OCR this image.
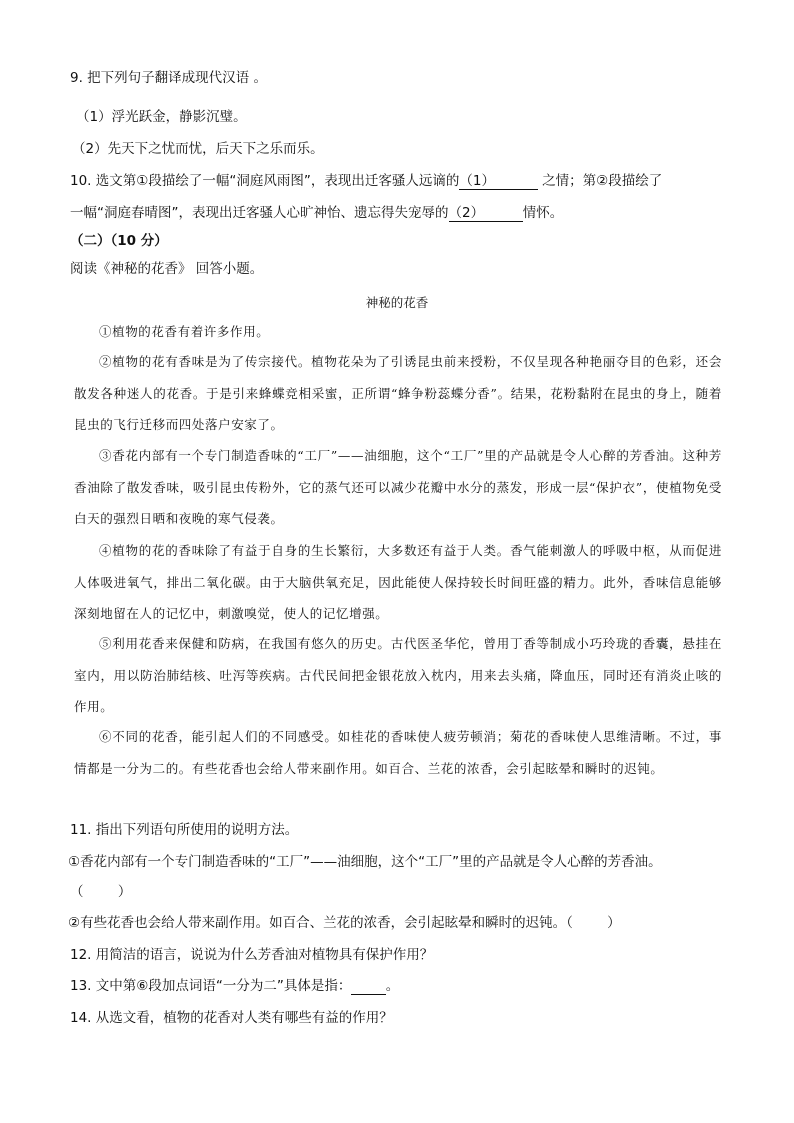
9. 把下列句子翻译成现代汉语 。
（1）浮光跃金，静影沉璧。
（2）先天下之忧而忧，后天下之乐而乐。
10. 选文第①段描绘了一幅“洞庭风雨图”，表现出迁客骚人远谪的（1）           之情；第②段描绘了
一幅“洞庭春晴图”，表现出迁客骚人心旷神怡、遗忘得失宠辱的（2）         情怀。
（二）（10 分）
阅读《神秘的花香》 回答小题。
神秘的花香
①植物的花香有着许多作用。
②植物的花有香味是为了传宗接代。植物花朵为了引诱昆虫前来授粉，不仅呈现各种艳丽夺目的色彩，还会散发各种迷人的花香。于是引来蜂蝶竞相采蜜，正所谓“蜂争粉蕊蝶分香”。结果，花粉黏附在昆虫的身上，随着昆虫的飞行迁移而四处落户安家了。
③香花内部有一个专门制造香味的“工厂”——油细胞，这个“工厂”里的产品就是令人心醉的芳香油。这种芳香油除了散发香味，吸引昆虫传粉外，它的蒸气还可以减少花瓣中水分的蒸发，形成一层“保护衣”，使植物免受白天的强烈日晒和夜晚的寒气侵袭。
④植物的花的香味除了有益于自身的生长繁衍，大多数还有益于人类。香气能刺激人的呼吸中枢，从而促进人体吸进氧气，排出二氧化碳。由于大脑供氧充足，因此能使人保持较长时间旺盛的精力。此外，香味信息能够深刻地留在人的记忆中，刺激嗅觉，使人的记忆增强。
⑤利用花香来保健和防病，在我国有悠久的历史。古代医圣华佗，曾用丁香等制成小巧玲珑的香囊，悬挂在室内，用以防治肺结核、吐泻等疾病。古代民间把金银花放入枕内，用来去头痛，降血压，同时还有消炎止咳的作用。
⑥不同的花香，能引起人们的不同感受。如桂花的香味使人疲劳顿消；菊花的香味使人思维清晰。不过，事情都是一分为二的。有些花香也会给人带来副作用。如百合、兰花的浓香，会引起眩晕和瞬时的迟钝。
11. 指出下列语句所使用的说明方法。
①香花内部有一个专门制造香味的“工厂”——油细胞，这个“工厂”里的产品就是令人心醉的芳香油。
（        ）
②有些花香也会给人带来副作用。如百合、兰花的浓香，会引起眩晕和瞬时的迟钝。（        ）
12. 用简洁的语言，说说为什么芳香油对植物具有保护作用？
13. 文中第⑥段加点词语“一分为二”具体是指：	。
14. 从选文看，植物的花香对人类有哪些有益的作用？
